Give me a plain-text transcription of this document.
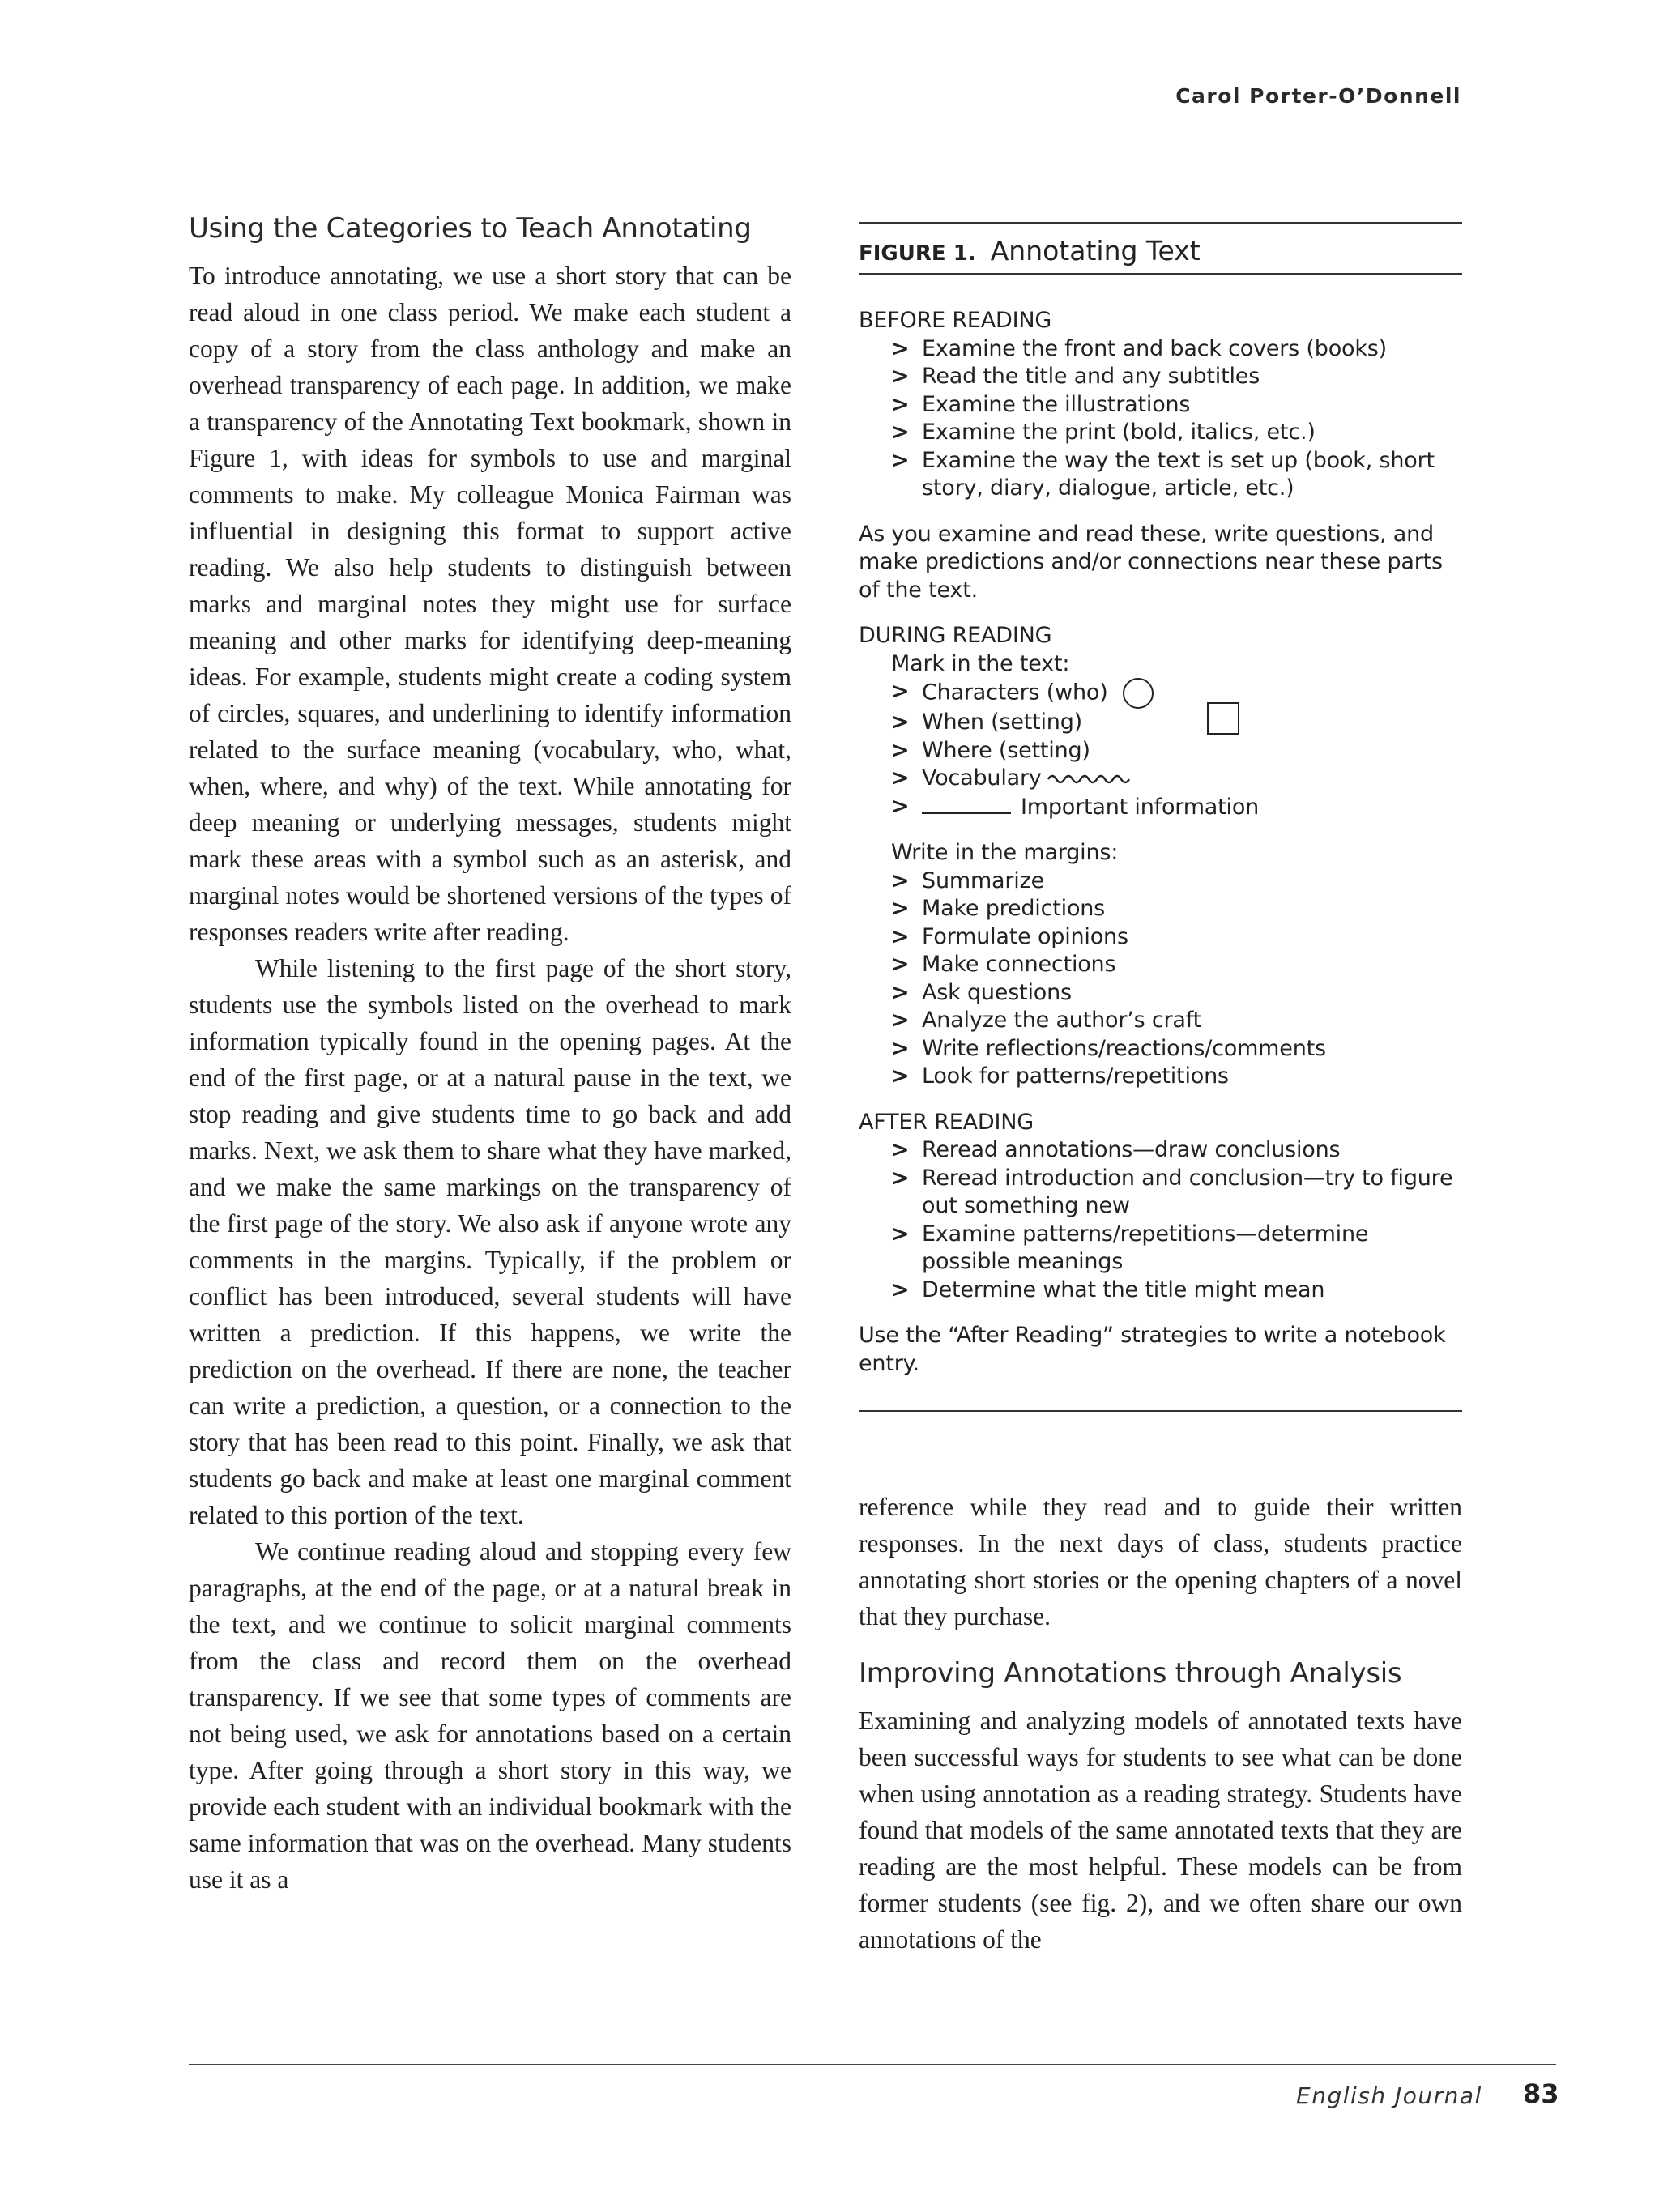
Carol Porter-O’Donnell
Using the Categories to Teach Annotating

To introduce annotating, we use a short story that can be read aloud in one class period. We make each student a copy of a story from the class anthology and make an overhead transparency of each page. In addition, we make a transparency of the Annotating Text bookmark, shown in Figure 1, with ideas for symbols to use and marginal comments to make. My colleague Monica Fairman was influential in designing this format to support active reading. We also help students to distinguish between marks and marginal notes they might use for surface meaning and other marks for identifying deep-meaning ideas. For example, students might create a coding system of circles, squares, and underlining to identify information related to the surface meaning (vocabulary, who, what, when, where, and why) of the text. While annotating for deep meaning or underlying messages, students might mark these areas with a symbol such as an asterisk, and marginal notes would be shortened versions of the types of responses readers write after reading.

While listening to the first page of the short story, students use the symbols listed on the overhead to mark information typically found in the opening pages. At the end of the first page, or at a natural pause in the text, we stop reading and give students time to go back and add marks. Next, we ask them to share what they have marked, and we make the same markings on the transparency of the first page of the story. We also ask if anyone wrote any comments in the margins. Typically, if the problem or conflict has been introduced, several students will have written a prediction. If this happens, we write the prediction on the overhead. If there are none, the teacher can write a prediction, a question, or a connection to the story that has been read to this point. Finally, we ask that students go back and make at least one marginal comment related to this portion of the text.

We continue reading aloud and stopping every few paragraphs, at the end of the page, or at a natural break in the text, and we continue to solicit marginal comments from the class and record them on the overhead transparency. If we see that some types of comments are not being used, we ask for annotations based on a certain type. After going through a short story in this way, we provide each student with an individual bookmark with the same information that was on the overhead. Many students use it as a

FIGURE 1. Annotating Text

BEFORE READING

> Examine the front and back covers (books)
> Read the title and any subtitles
> Examine the illustrations
> Examine the print (bold, italics, etc.)
> Examine the way the text is set up (book, short story, diary, dialogue, article, etc.)

As you examine and read these, write questions, and make predictions and/or connections near these parts of the text.

DURING READING

Mark in the text:

> Characters (who)
> When (setting)
> Where (setting)
> Vocabulary
>	Important information

Write in the margins:

> Summarize
> Make predictions
> Formulate opinions
> Make connections
> Ask questions
> Analyze the author’s craft
> Write reflections/reactions/comments
> Look for patterns/repetitions

AFTER READING

> Reread annotations—draw conclusions
> Reread introduction and conclusion—try to figure out something new
> Examine patterns/repetitions—determine possible meanings
> Determine what the title might mean

Use the “After Reading” strategies to write a notebook entry.

reference while they read and to guide their written responses. In the next days of class, students practice annotating short stories or the opening chapters of a novel that they purchase.

Improving Annotations through Analysis

Examining and analyzing models of annotated texts have been successful ways for students to see what can be done when using annotation as a reading strategy. Students have found that models of the same annotated texts that they are reading are the most helpful. These models can be from former students (see fig. 2), and we often share our own annotations of the

English Journal 83
